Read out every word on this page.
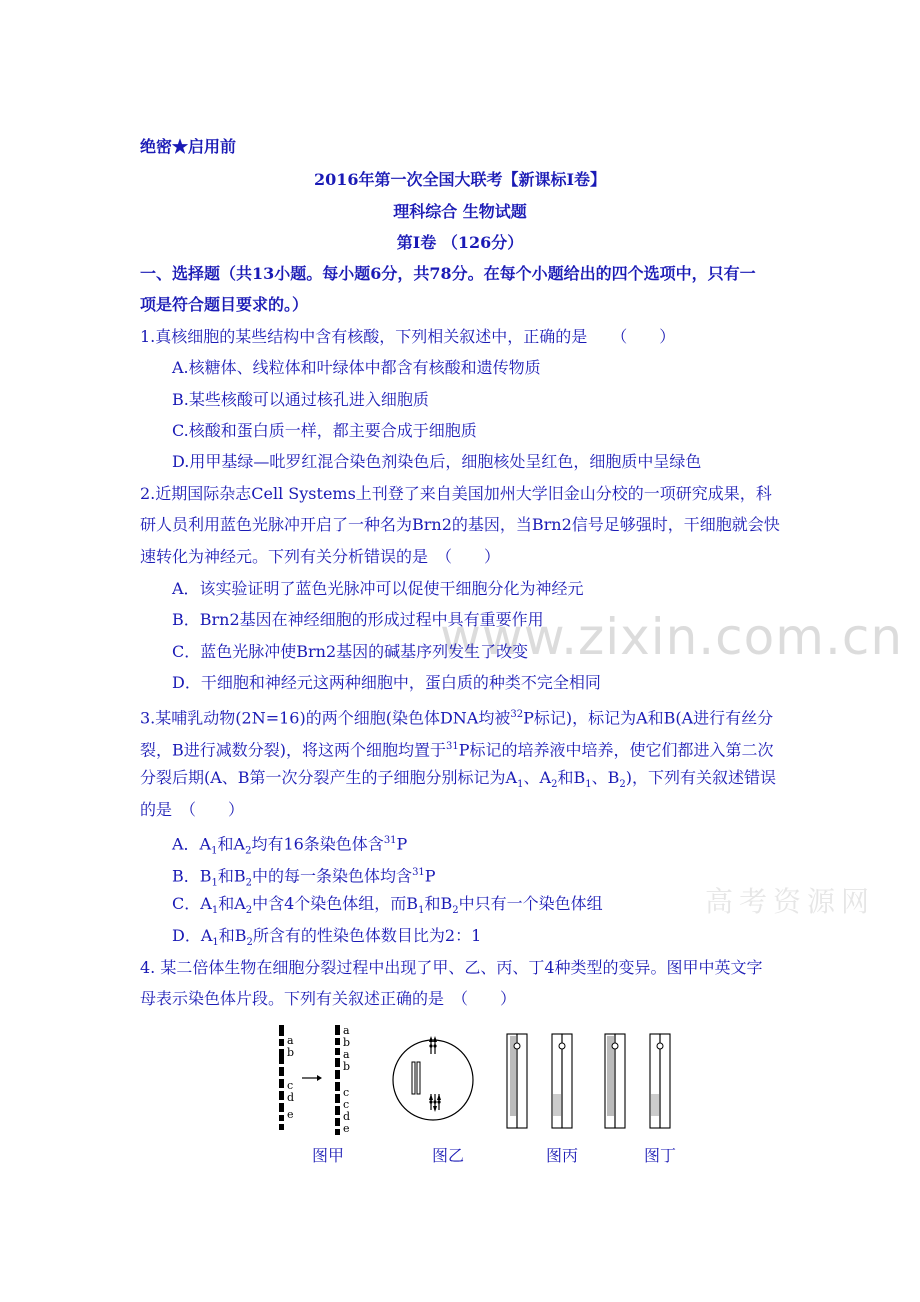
www.zixin.com.cn
高考资源网
绝密★启用前
2016年第一次全国大联考【新课标Ⅰ卷】
理科综合 生物试题
第Ⅰ卷 （126分）
一、选择题（共13小题。每小题6分，共78分。在每个小题给出的四个选项中，只有一
项是符合题目要求的。）
1.真核细胞的某些结构中含有核酸，下列相关叙述中，正确的是　　（　　）
A.核糖体、线粒体和叶绿体中都含有核酸和遗传物质
B.某些核酸可以通过核孔进入细胞质
C.核酸和蛋白质一样，都主要合成于细胞质
D.用甲基绿—吡罗红混合染色剂染色后，细胞核处呈红色，细胞质中呈绿色
2.近期国际杂志Cell Systems上刊登了来自美国加州大学旧金山分校的一项研究成果，科
研人员利用蓝色光脉冲开启了一种名为Brn2的基因，当Brn2信号足够强时，干细胞就会快
速转化为神经元。下列有关分析错误的是　（　　）
A．该实验证明了蓝色光脉冲可以促使干细胞分化为神经元
B．Brn2基因在神经细胞的形成过程中具有重要作用
C．蓝色光脉冲使Brn2基因的碱基序列发生了改变
D．干细胞和神经元这两种细胞中，蛋白质的种类不完全相同
3.某哺乳动物(2N=16)的两个细胞(染色体DNA均被$^{32}$P标记)，标记为A和B(A进行有丝分
裂，B进行减数分裂)，将这两个细胞均置于$^{31}$P标记的培养液中培养，使它们都进入第二次
分裂后期(A、B第一次分裂产生的子细胞分别标记为$A_1$、$A_2$和$B_1$、$B_2$)，下列有关叙述错误
的是　（　　）
A．$A_1$和$A_2$均有16条染色体含$^{31}$P
B．$B_1$和$B_2$中的每一条染色体均含$^{31}$P
C．$A_1$和$A_2$中含4个染色体组，而$B_1$和$B_2$中只有一个染色体组
D．$A_1$和$B_2$所含有的性染色体数目比为2：1
4. 某二倍体生物在细胞分裂过程中出现了甲、乙、丙、丁4种类型的变异。图甲中英文字
母表示染色体片段。下列有关叙述正确的是　（　　）
a
b
c
d
e
a
b
a
b
c
c
d
e
图甲	图乙	图丙	图丁
